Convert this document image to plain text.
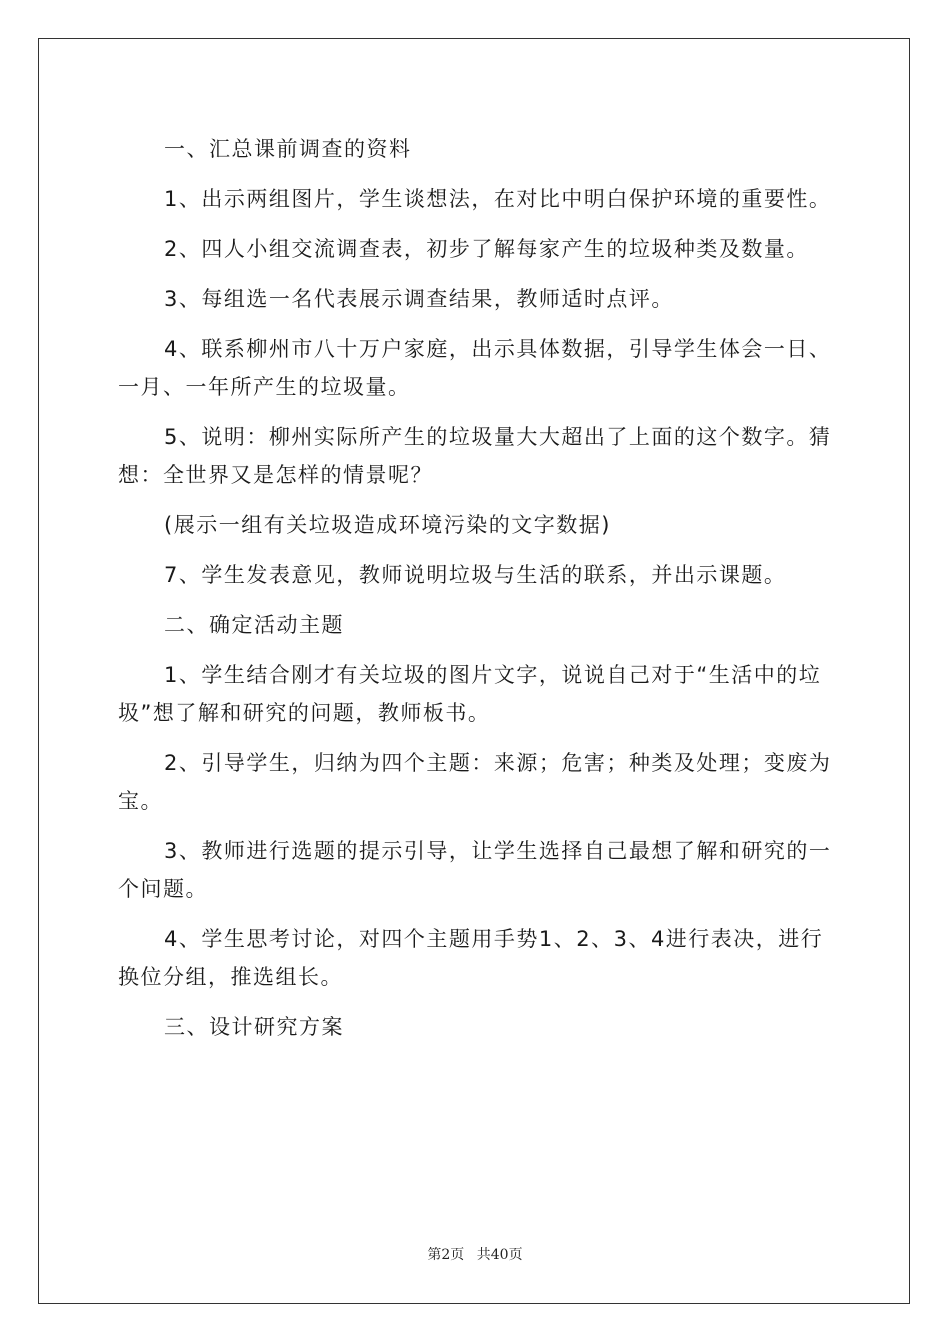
一、汇总课前调查的资料

1、出示两组图片，学生谈想法，在对比中明白保护环境的重要性。

2、四人小组交流调查表，初步了解每家产生的垃圾种类及数量。

3、每组选一名代表展示调查结果，教师适时点评。

4、联系柳州市八十万户家庭，出示具体数据，引导学生体会一日、一月、一年所产生的垃圾量。

5、说明：柳州实际所产生的垃圾量大大超出了上面的这个数字。猜想：全世界又是怎样的情景呢？

(展示一组有关垃圾造成环境污染的文字数据)

7、学生发表意见，教师说明垃圾与生活的联系，并出示课题。

二、确定活动主题

1、学生结合刚才有关垃圾的图片文字，说说自己对于“生活中的垃圾”想了解和研究的问题，教师板书。

2、引导学生，归纳为四个主题：来源；危害；种类及处理；变废为宝。

3、教师进行选题的提示引导，让学生选择自己最想了解和研究的一个问题。

4、学生思考讨论，对四个主题用手势1、2、3、4进行表决，进行换位分组，推选组长。

三、设计研究方案

第2页 共40页
